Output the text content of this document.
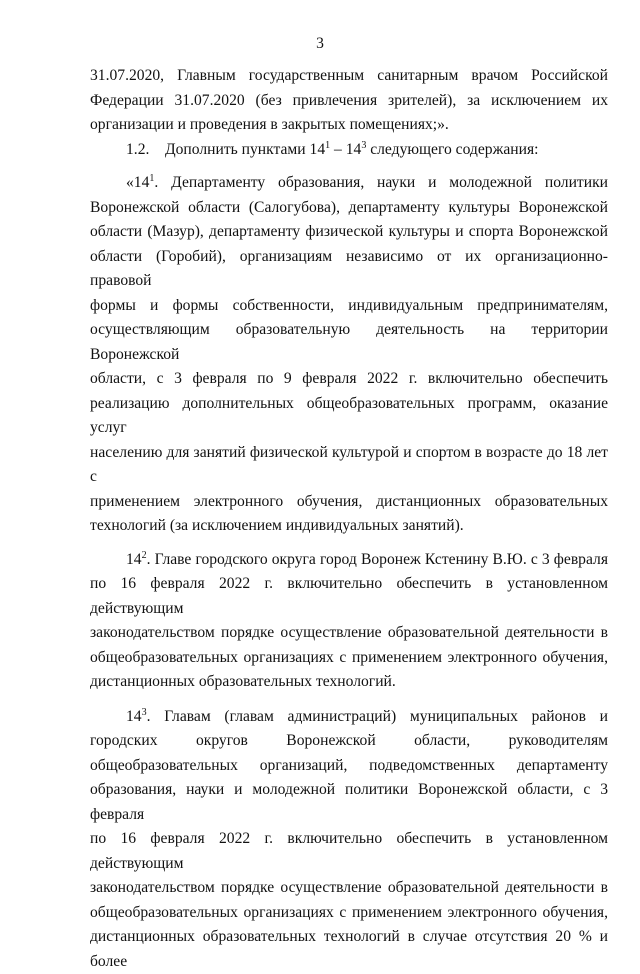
3

31.07.2020, Главным государственным санитарным врачом Российской
Федерации 31.07.2020 (без привлечения зрителей), за исключением их
организации и проведения в закрытых помещениях;».

1.2.    Дополнить пунктами $14^1 - 14^3$ следующего содержания:

«$14^1$. Департаменту образования, науки и молодежной политики
Воронежской области (Салогубова), департаменту культуры Воронежской
области (Мазур), департаменту физической культуры и спорта Воронежской
области (Горобий), организациям независимо от их организационно-правовой
формы и формы собственности, индивидуальным предпринимателям,
осуществляющим образовательную деятельность на территории Воронежской
области, с 3 февраля по 9 февраля 2022 г. включительно обеспечить
реализацию дополнительных общеобразовательных программ, оказание услуг
населению для занятий физической культурой и спортом в возрасте до 18 лет с
применением электронного обучения, дистанционных образовательных
технологий (за исключением индивидуальных занятий).

$14^2$. Главе городского округа город Воронеж Кстенину В.Ю. с 3 февраля
по 16 февраля 2022 г. включительно обеспечить в установленном действующим
законодательством порядке осуществление образовательной деятельности в
общеобразовательных организациях с применением электронного обучения,
дистанционных образовательных технологий.

$14^3$. Главам (главам администраций) муниципальных районов и
городских округов Воронежской области, руководителям
общеобразовательных организаций, подведомственных департаменту
образования, науки и молодежной политики Воронежской области, с 3 февраля
по 16 февраля 2022 г. включительно обеспечить в установленном действующим
законодательством порядке осуществление образовательной деятельности в
общеобразовательных организациях с применением электронного обучения,
дистанционных образовательных технологий в случае отсутствия 20 % и более
